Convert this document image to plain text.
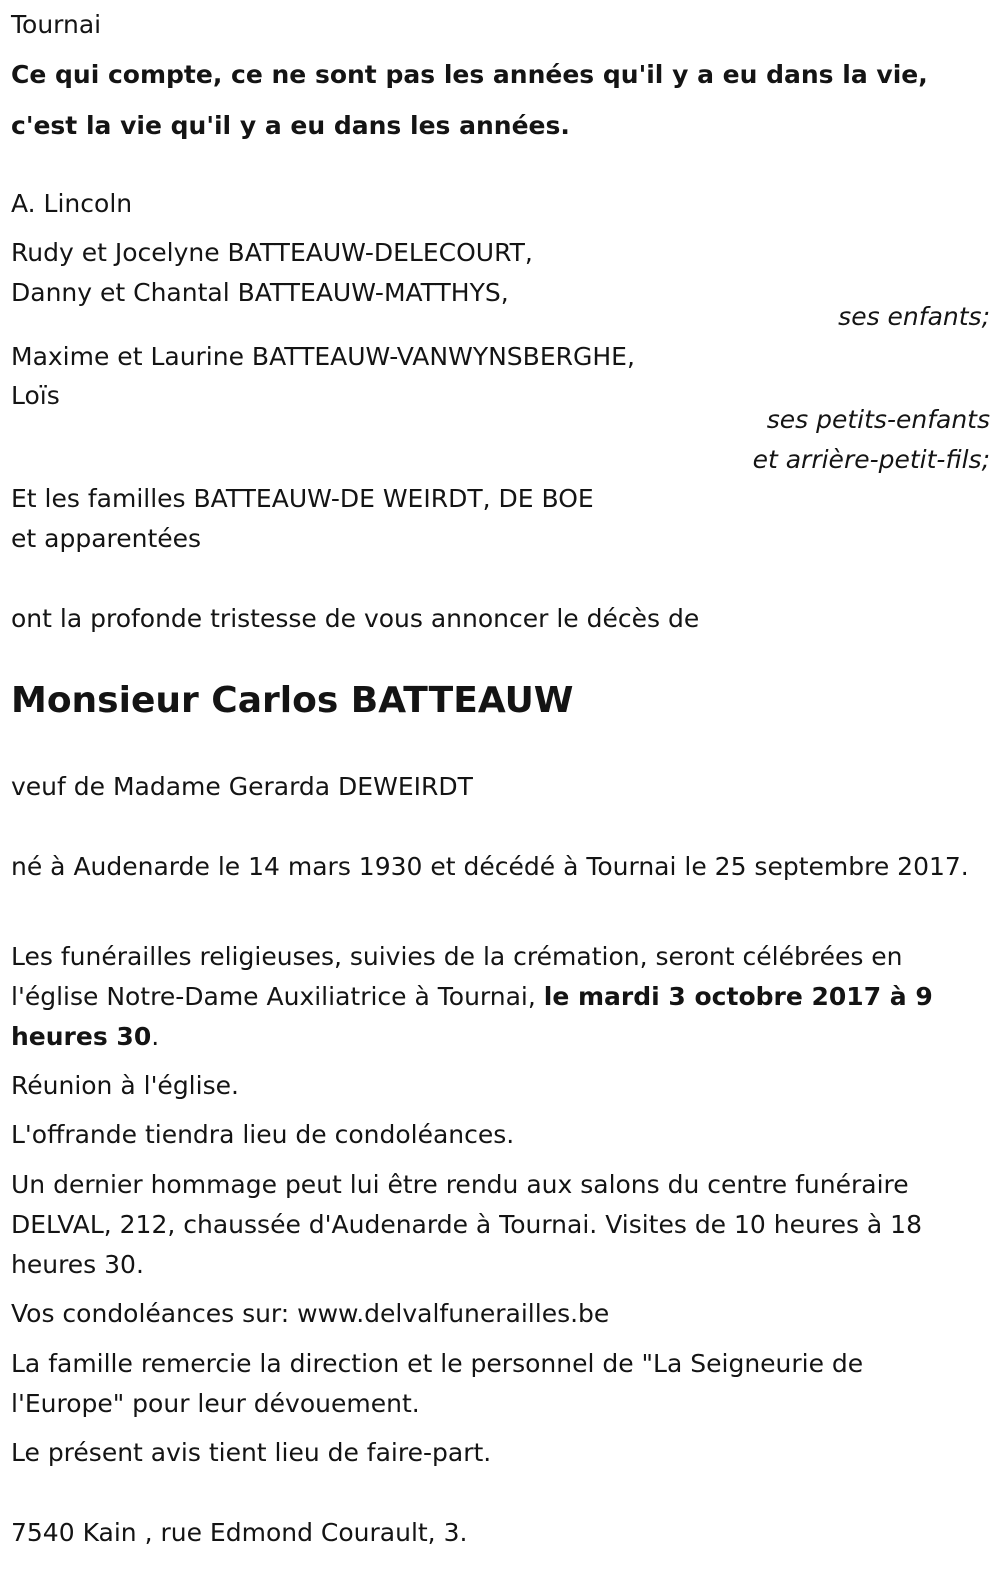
Tournai

Ce qui compte, ce ne sont pas les années qu'il y a eu dans la vie,

c'est la vie qu'il y a eu dans les années.

A. Lincoln

Rudy et Jocelyne BATTEAUW-DELECOURT,

Danny et Chantal BATTEAUW-MATTHYS,

ses enfants;

Maxime et Laurine BATTEAUW-VANWYNSBERGHE,

Loïs

ses petits-enfants

et arrière-petit-fils;

Et les familles BATTEAUW-DE WEIRDT, DE BOE

et apparentées

ont la profonde tristesse de vous annoncer le décès de

Monsieur Carlos BATTEAUW

veuf de Madame Gerarda DEWEIRDT

né à Audenarde le 14 mars 1930 et décédé à Tournai le 25 septembre 2017.

Les funérailles religieuses, suivies de la crémation, seront célébrées en l'église Notre-Dame Auxiliatrice à Tournai, le mardi 3 octobre 2017 à 9 heures 30.

Réunion à l'église.

L'offrande tiendra lieu de condoléances.

Un dernier hommage peut lui être rendu aux salons du centre funéraire DELVAL, 212, chaussée d'Audenarde à Tournai. Visites de 10 heures à 18 heures 30.

Vos condoléances sur: www.delvalfunerailles.be

La famille remercie la direction et le personnel de "La Seigneurie de l'Europe" pour leur dévouement.

Le présent avis tient lieu de faire-part.

7540 Kain , rue Edmond Courault, 3.
